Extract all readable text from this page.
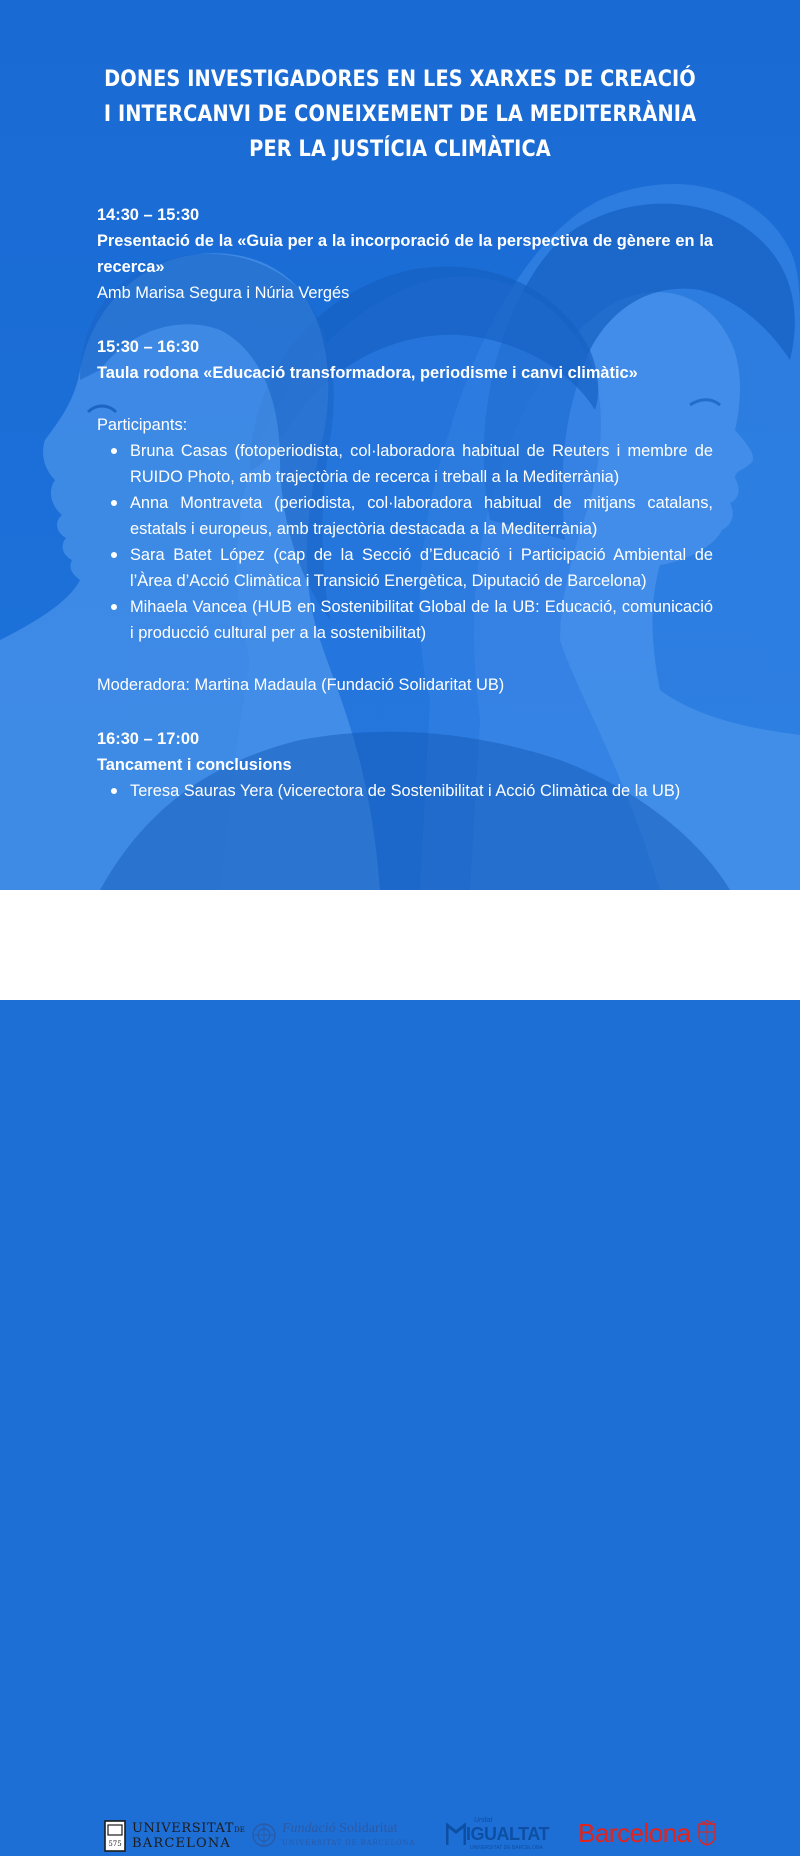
DONES INVESTIGADORES EN LES XARXES DE CREACIÓ
I INTERCANVI DE CONEIXEMENT DE LA MEDITERRÀNIA
PER LA JUSTÍCIA CLIMÀTICA
14:30 – 15:30
Presentació de la «Guia per a la incorporació de la perspectiva de gènere en la recerca»
Amb Marisa Segura i Núria Vergés
15:30 – 16:30
Taula rodona «Educació transformadora, periodisme i canvi climàtic»
Participants:
Bruna Casas (fotoperiodista, col·laboradora habitual de Reuters i membre de RUIDO Photo, amb trajectòria de recerca i treball a la Mediterrània)
Anna Montraveta (periodista, col·laboradora habitual de mitjans catalans, estatals i europeus, amb trajectòria destacada a la Mediterrània)
Sara Batet López (cap de la Secció d’Educació i Participació Ambiental de l’Àrea d’Acció Climàtica i Transició Energètica, Diputació de Barcelona)
Mihaela Vancea (HUB en Sostenibilitat Global de la UB: Educació, comunicació i producció cultural per a la sostenibilitat)
Moderadora: Martina Madaula (Fundació Solidaritat UB)
16:30 – 17:00
Tancament i conclusions
Teresa Sauras Yera (vicerectora de Sostenibilitat i Acció Climàtica de la UB)
575
UNIVERSITATDE
BARCELONA
Fundació Solidaritat
UNIVERSITAT DE BARCELONA
Unitat
IGUALTAT
UNIVERSITAT DE BARCELONA Barcelona
